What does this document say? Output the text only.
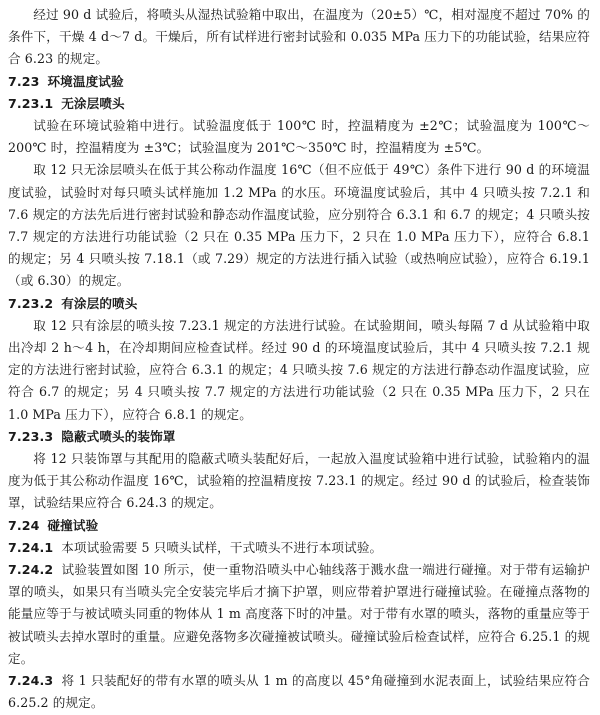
经过 90 d 试验后，将喷头从湿热试验箱中取出，在温度为（20±5）℃，相对湿度不超过 70% 的条件下，干燥 4 d～7 d。干燥后，所有试样进行密封试验和 0.035 MPa 压力下的功能试验，结果应符合 6.23 的规定。

7.23 环境温度试验

7.23.1 无涂层喷头

试验在环境试验箱中进行。试验温度低于 100℃ 时，控温精度为 ±2℃；试验温度为 100℃～200℃ 时，控温精度为 ±3℃；试验温度为 201℃～350℃ 时，控温精度为 ±5℃。

取 12 只无涂层喷头在低于其公称动作温度 16℃（但不应低于 49℃）条件下进行 90 d 的环境温度试验，试验时对每只喷头试样施加 1.2 MPa 的水压。环境温度试验后，其中 4 只喷头按 7.2.1 和 7.6 规定的方法先后进行密封试验和静态动作温度试验，应分别符合 6.3.1 和 6.7 的规定；4 只喷头按 7.7 规定的方法进行功能试验（2 只在 0.35 MPa 压力下，2 只在 1.0 MPa 压力下），应符合 6.8.1 的规定；另 4 只喷头按 7.18.1（或 7.29）规定的方法进行插入试验（或热响应试验），应符合 6.19.1（或 6.30）的规定。

7.23.2 有涂层的喷头

取 12 只有涂层的喷头按 7.23.1 规定的方法进行试验。在试验期间，喷头每隔 7 d 从试验箱中取出冷却 2 h～4 h，在冷却期间应检查试样。经过 90 d 的环境温度试验后，其中 4 只喷头按 7.2.1 规定的方法进行密封试验，应符合 6.3.1 的规定；4 只喷头按 7.6 规定的方法进行静态动作温度试验，应符合 6.7 的规定；另 4 只喷头按 7.7 规定的方法进行功能试验（2 只在 0.35 MPa 压力下，2 只在 1.0 MPa 压力下），应符合 6.8.1 的规定。

7.23.3 隐蔽式喷头的装饰罩

将 12 只装饰罩与其配用的隐蔽式喷头装配好后，一起放入温度试验箱中进行试验，试验箱内的温度为低于其公称动作温度 16℃，试验箱的控温精度按 7.23.1 的规定。经过 90 d 的试验后，检查装饰罩，试验结果应符合 6.24.3 的规定。

7.24 碰撞试验

7.24.1 本项试验需要 5 只喷头试样，干式喷头不进行本项试验。

7.24.2 试验装置如图 10 所示，使一重物沿喷头中心轴线落于溅水盘一端进行碰撞。对于带有运输护罩的喷头，如果只有当喷头完全安装完毕后才摘下护罩，则应带着护罩进行碰撞试验。在碰撞点落物的能量应等于与被试喷头同重的物体从 1 m 高度落下时的冲量。对于带有水罩的喷头，落物的重量应等于被试喷头去掉水罩时的重量。应避免落物多次碰撞被试喷头。碰撞试验后检查试样，应符合 6.25.1 的规定。

7.24.3 将 1 只装配好的带有水罩的喷头从 1 m 的高度以 45°角碰撞到水泥表面上，试验结果应符合 6.25.2 的规定。
